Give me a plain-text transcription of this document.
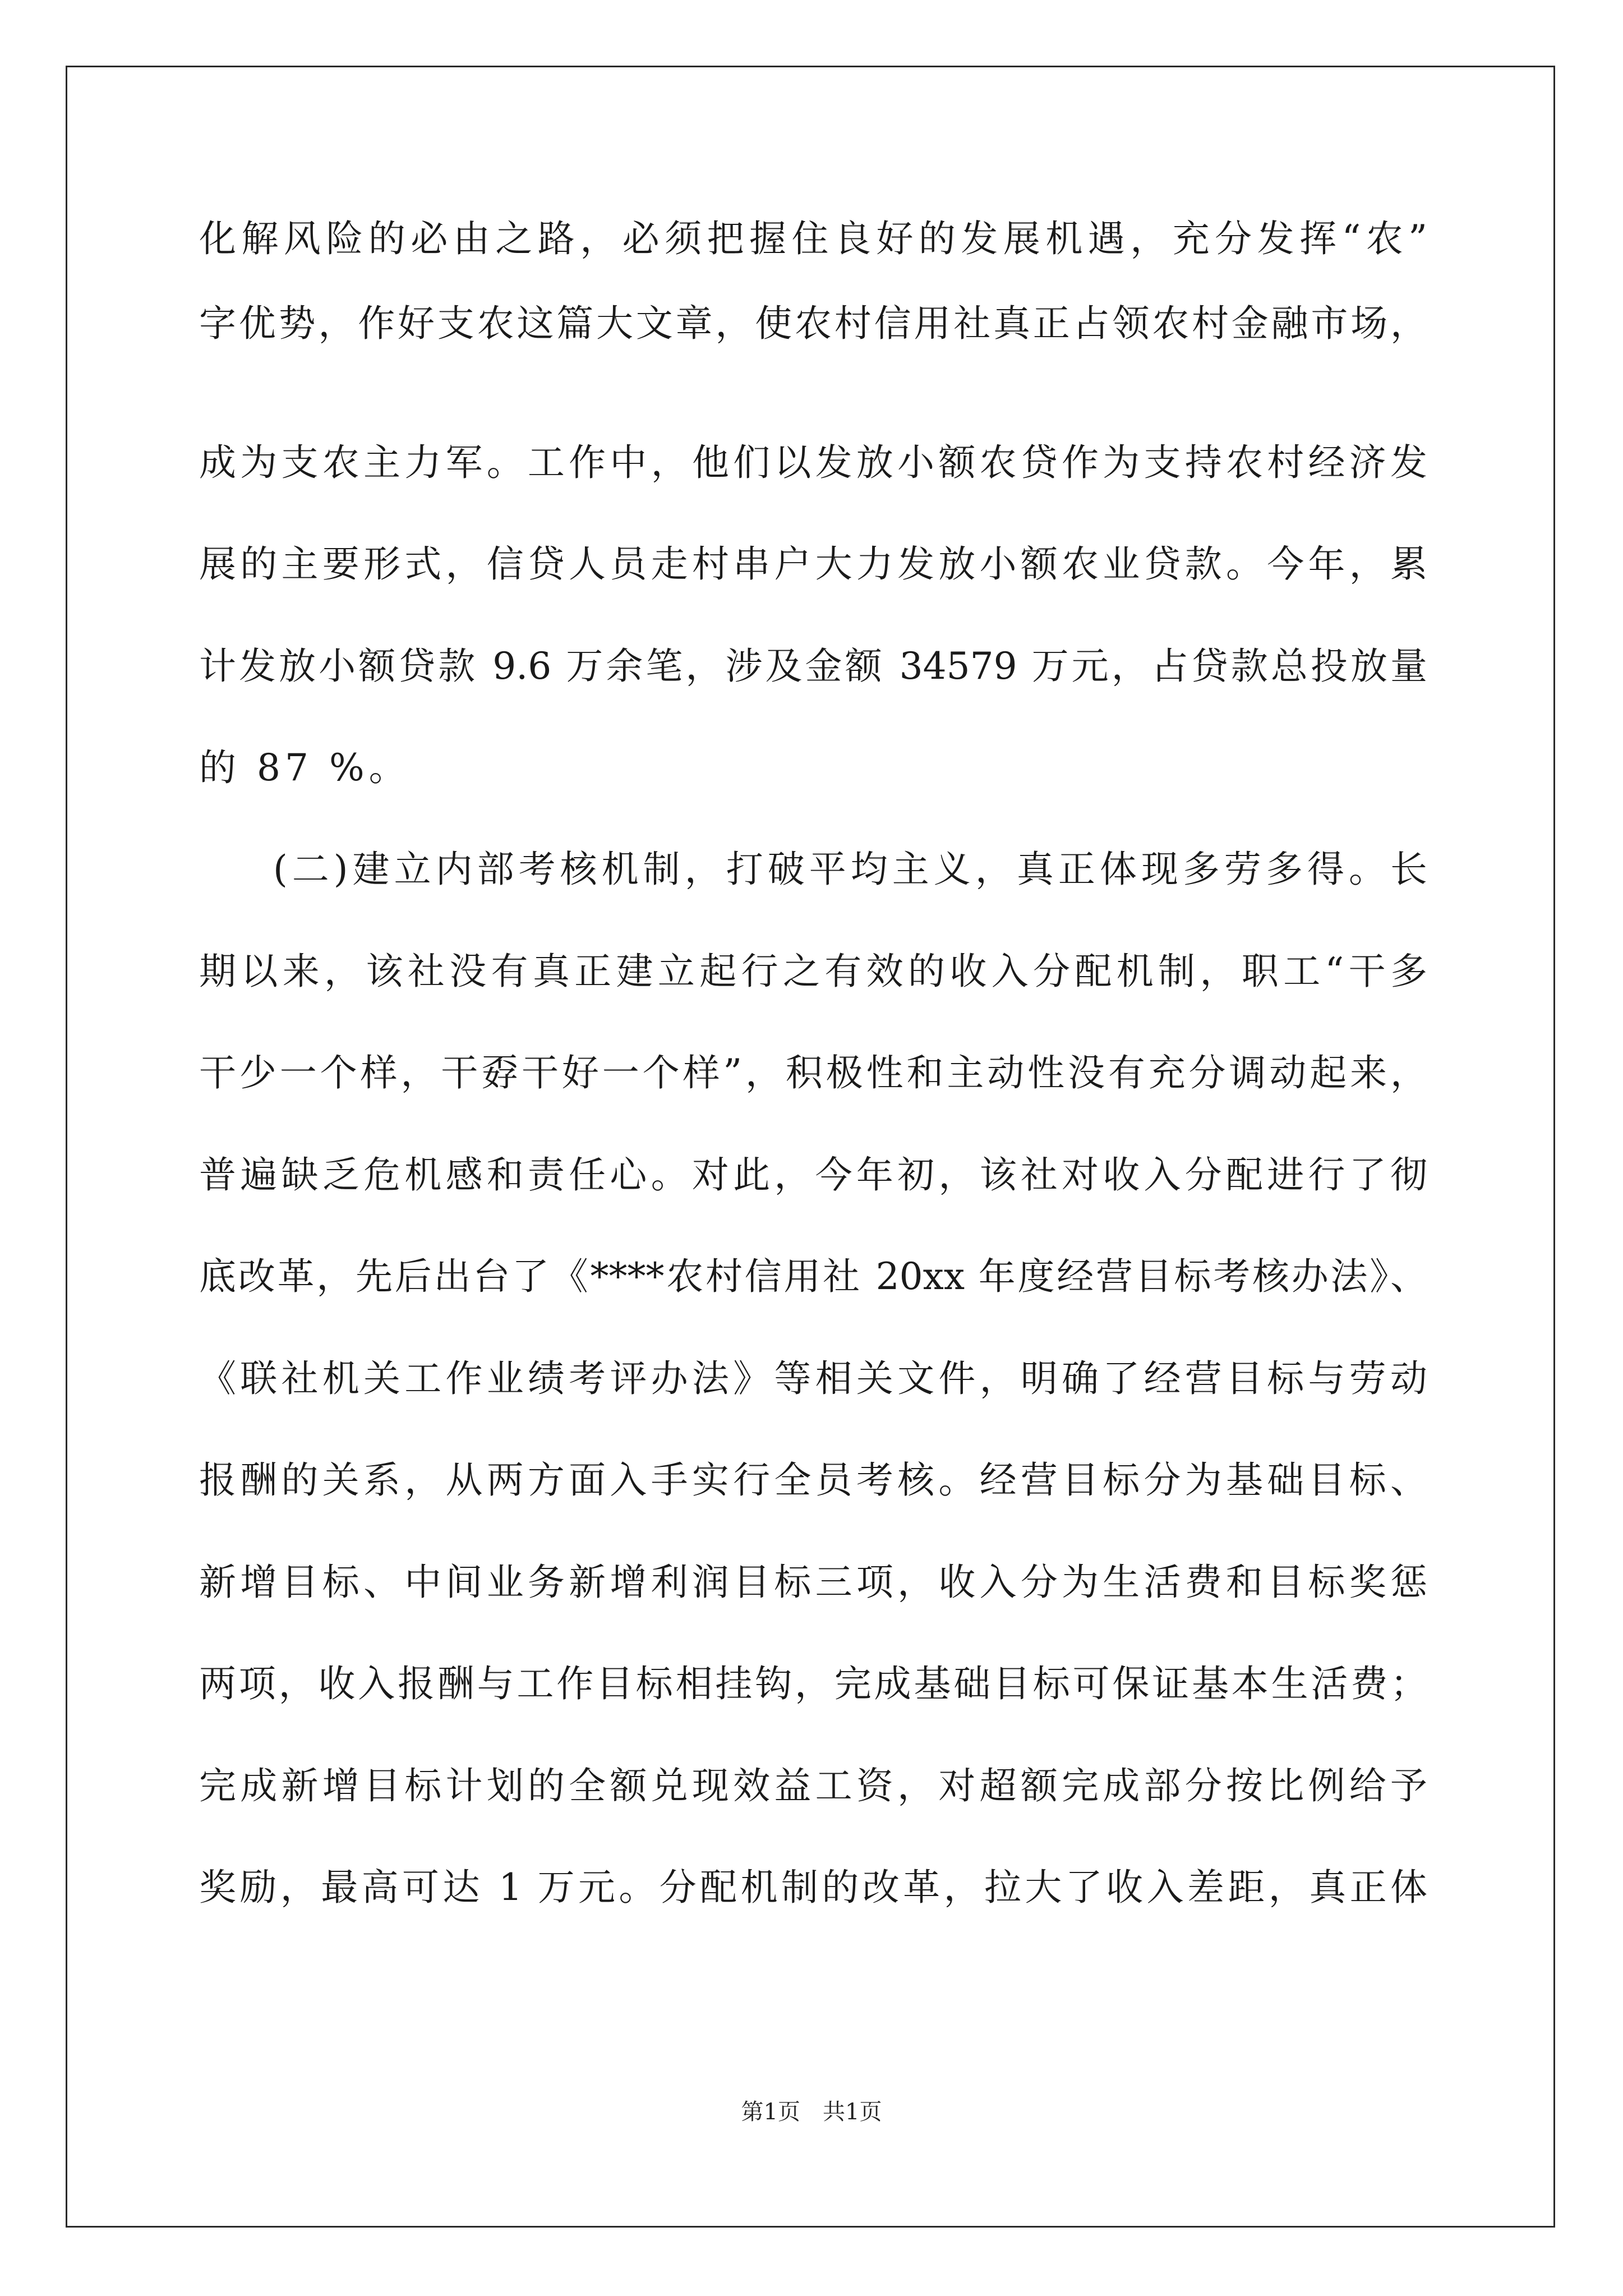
化解风险的必由之路，必须把握住良好的发展机遇，充分发挥“农”
字优势，作好支农这篇大文章，使农村信用社真正占领农村金融市场，
成为支农主力军。工作中，他们以发放小额农贷作为支持农村经济发
展的主要形式，信贷人员走村串户大力发放小额农业贷款。今年，累
计发放小额贷款 9.6 万余笔，涉及金额 34579 万元，占贷款总投放量
的 87 %。
(二)建立内部考核机制，打破平均主义，真正体现多劳多得。长
期以来，该社没有真正建立起行之有效的收入分配机制，职工“干多
干少一个样，干孬干好一个样”，积极性和主动性没有充分调动起来，
普遍缺乏危机感和责任心。对此，今年初，该社对收入分配进行了彻
底改革，先后出台了《****农村信用社 20xx 年度经营目标考核办法》、
《联社机关工作业绩考评办法》等相关文件，明确了经营目标与劳动
报酬的关系，从两方面入手实行全员考核。经营目标分为基础目标、
新增目标、中间业务新增利润目标三项，收入分为生活费和目标奖惩
两项，收入报酬与工作目标相挂钩，完成基础目标可保证基本生活费；
完成新增目标计划的全额兑现效益工资，对超额完成部分按比例给予
奖励，最高可达 1 万元。分配机制的改革，拉大了收入差距，真正体
第1页　共1页
